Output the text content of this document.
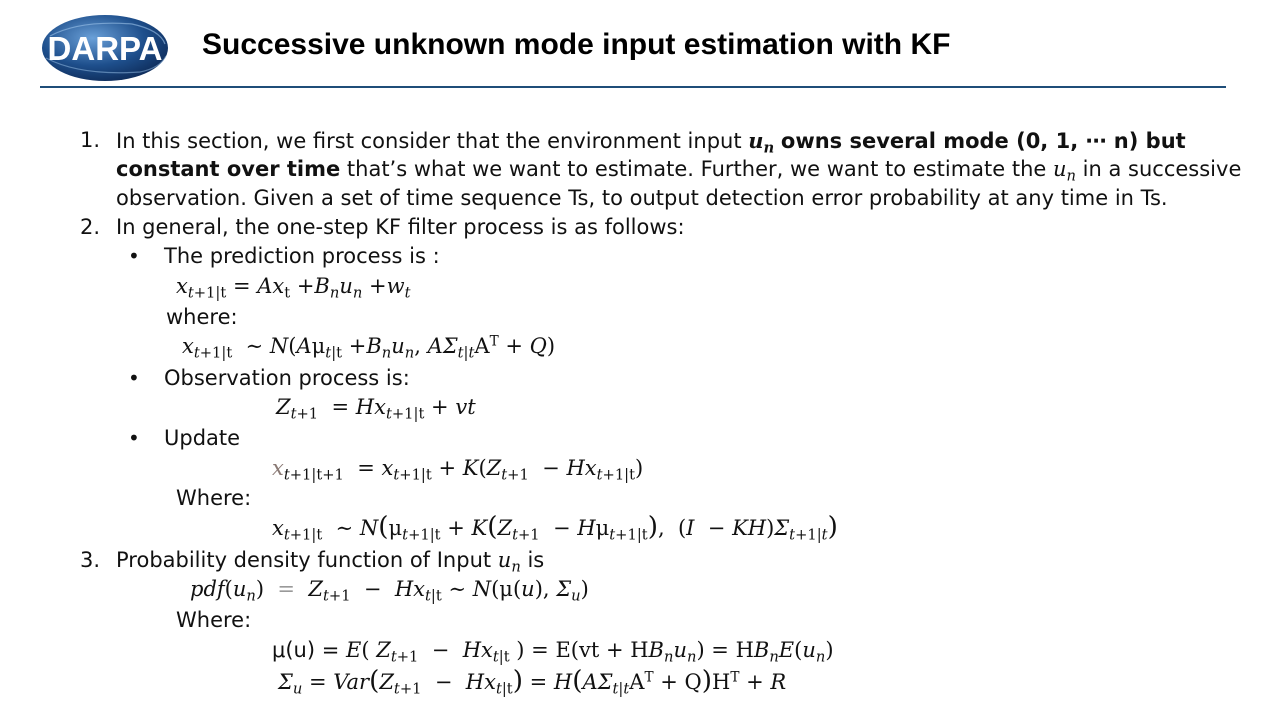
DARPA Successive unknown mode input estimation with KF
1. In this section, we first consider that the environment input $u_n$ owns several mode (0, 1, ⋯ n) but
constant over time that’s what we want to estimate. Further, we want to estimate the $u_n$ in a successive
observation. Given a set of time sequence Ts, to output detection error probability at any time in Ts.
2. In general, the one-step KF filter process is as follows:
• The prediction process is :
$x_{t+1|t} = Ax_t +B_nu_n +w_t$
where:
$x_{t+1|t}$  ∼ $N(A\mu_{t|t} +B_nu_n$, $A\Sigma_{t|t}A^T + Q$)
• Observation process is:
$Z_{t+1} = Hx_{t+1|t}$ + vt
• Update
$x_{t+1|t+1} = x_{t+1|t} + K(Z_{t+1} - Hx_{t+1|t})$
Where:
$x_{t+1|t}$  ∼ $N(\mu_{t+1|t} + K(Z_{t+1} - H\mu_{t+1|t})$,  $(I - KH)\Sigma_{t+1|t}$)
3. Probability density function of Input $u_n$ is
$pdf(u_n) = Z_{t+1} - Hx_{t|t}$ ∼ N(μ(u), $\Sigma_u$)
Where:
μ(u) = E( $Z_{t+1} - Hx_{t|t}$ ) = $E(vt + HB_nu_n) = HB_nE(u_n)$
$\Sigma_u = Var(Z_{t+1} - Hx_{t|t}) = H(A\Sigma_{t|t}A^T + Q)H^T + R$
